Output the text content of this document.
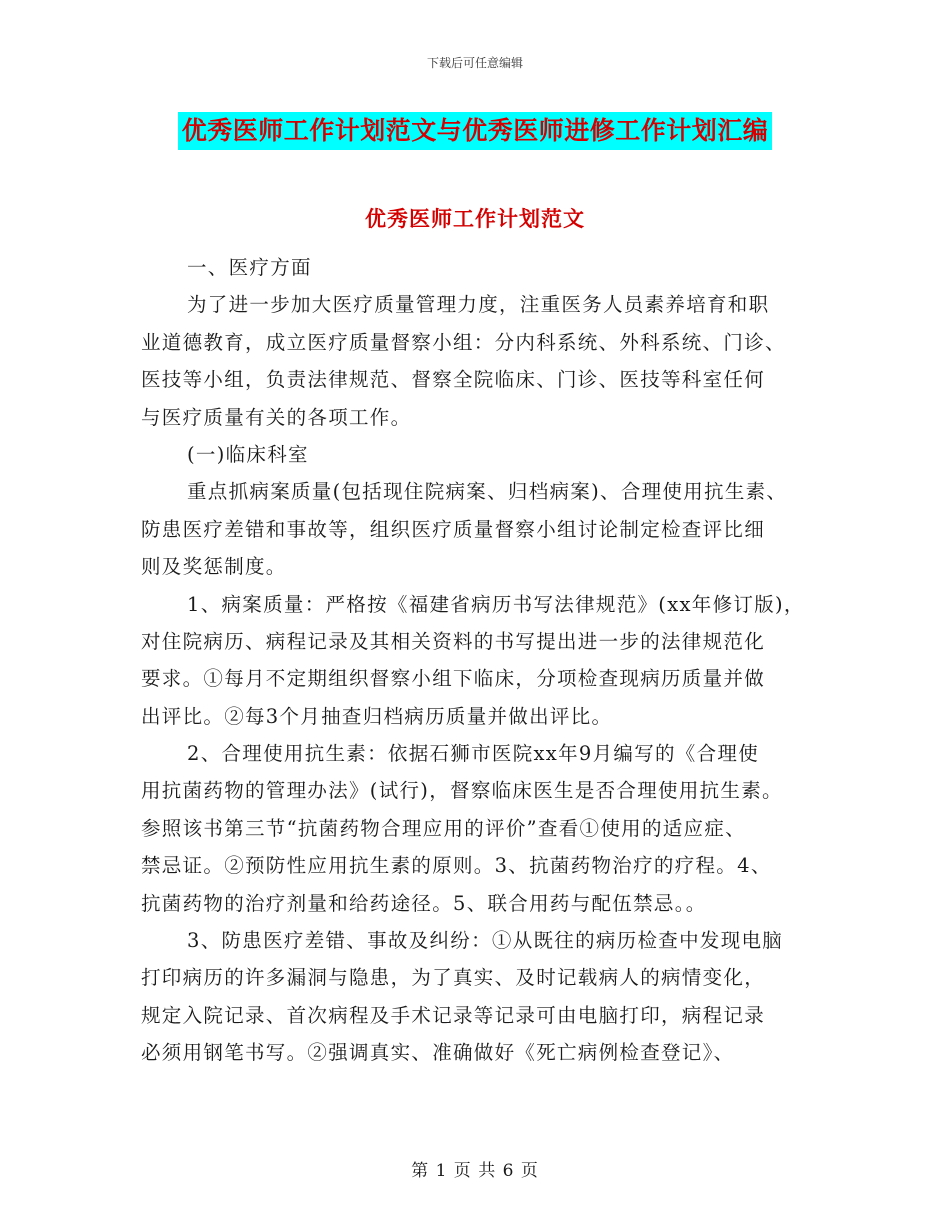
下载后可任意编辑
优秀医师工作计划范文与优秀医师进修工作计划汇编
优秀医师工作计划范文
一、医疗方面
为了进一步加大医疗质量管理力度，注重医务人员素养培育和职
业道德教育，成立医疗质量督察小组：分内科系统、外科系统、门诊、
医技等小组，负责法律规范、督察全院临床、门诊、医技等科室任何
与医疗质量有关的各项工作。
(一)临床科室
重点抓病案质量(包括现住院病案、归档病案)、合理使用抗生素、
防患医疗差错和事故等，组织医疗质量督察小组讨论制定检查评比细
则及奖惩制度。
1、病案质量：严格按《福建省病历书写法律规范》(xx年修订版)，
对住院病历、病程记录及其相关资料的书写提出进一步的法律规范化
要求。①每月不定期组织督察小组下临床，分项检查现病历质量并做
出评比。②每3个月抽查归档病历质量并做出评比。
2、合理使用抗生素：依据石狮市医院xx年9月编写的《合理使
用抗菌药物的管理办法》(试行)，督察临床医生是否合理使用抗生素。
参照该书第三节“抗菌药物合理应用的评价”查看①使用的适应症、
禁忌证。②预防性应用抗生素的原则。3、抗菌药物治疗的疗程。4、
抗菌药物的治疗剂量和给药途径。5、联合用药与配伍禁忌。。
3、防患医疗差错、事故及纠纷：①从既往的病历检查中发现电脑
打印病历的许多漏洞与隐患，为了真实、及时记载病人的病情变化，
规定入院记录、首次病程及手术记录等记录可由电脑打印，病程记录
必须用钢笔书写。②强调真实、准确做好《死亡病例检查登记》、
第 1 页 共 6 页
